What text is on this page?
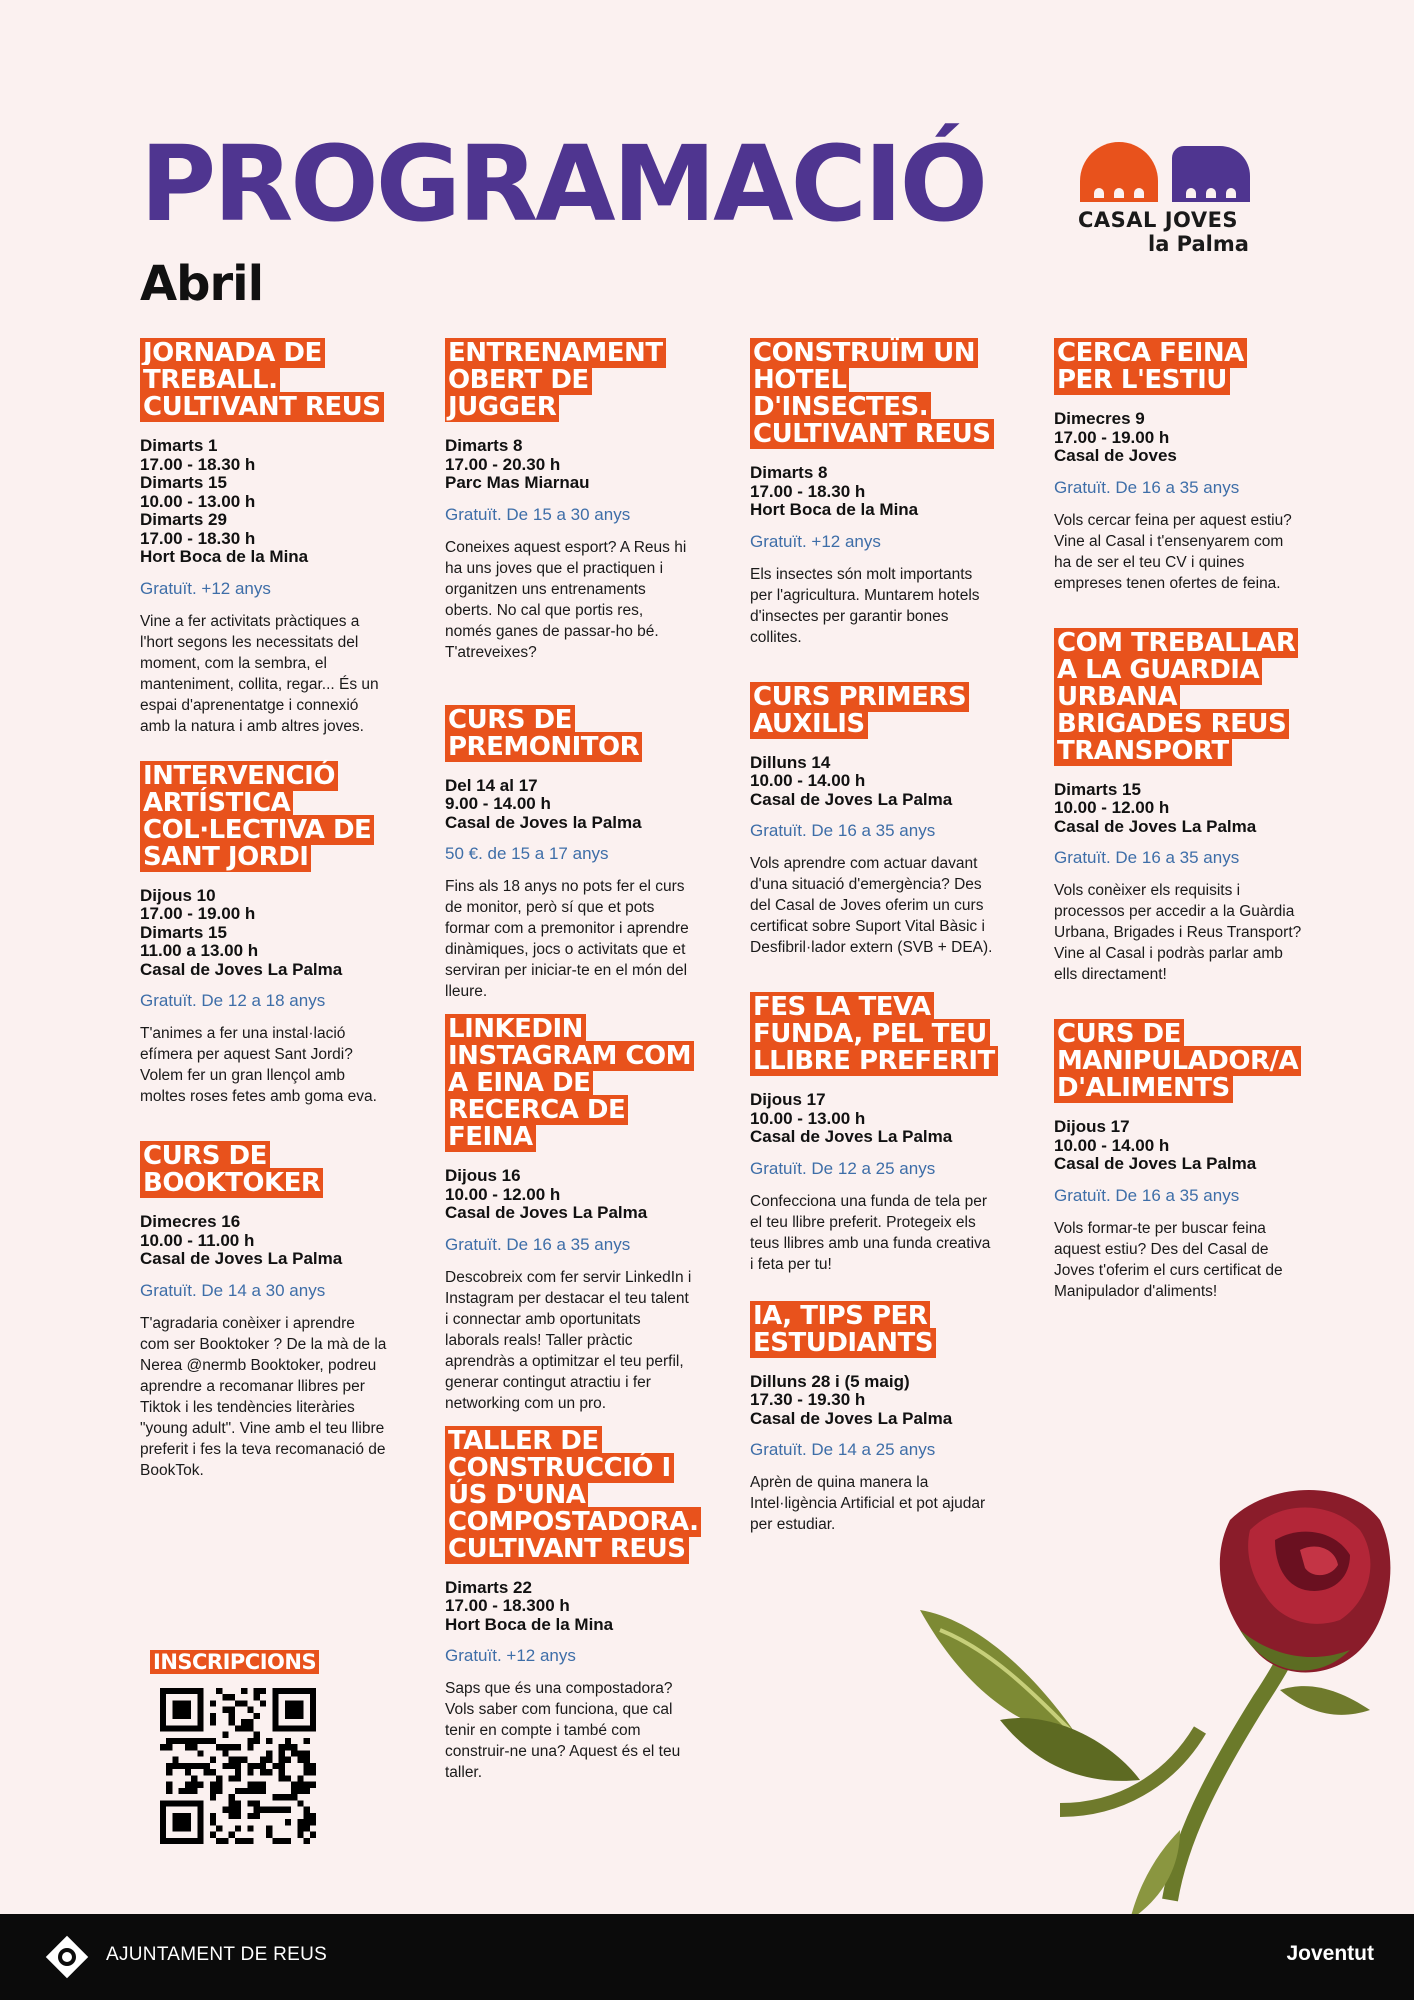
PROGRAMACIÓ
Abril
CASAL JOVES
la Palma
JORNADA DE TREBALL. CULTIVANT REUS

Dimarts 1
17.00 - 18.30 h
Dimarts 15
10.00 - 13.00 h
Dimarts 29
17.00 - 18.30 h
Hort Boca de la Mina

Gratuït. +12 anys

Vine a fer activitats pràctiques a l'hort segons les necessitats del moment, com la sembra, el manteniment, collita, regar... És un espai d'aprenentatge i connexió amb la natura i amb altres joves.

INTERVENCIÓ ARTÍSTICA COL·LECTIVA DE SANT JORDI

Dijous 10
17.00 - 19.00 h
Dimarts 15
11.00 a 13.00 h
Casal de Joves La Palma

Gratuït. De 12 a 18 anys

T'animes a fer una instal·lació efímera per aquest Sant Jordi? Volem fer un gran llençol amb moltes roses fetes amb goma eva.

CURS DE BOOKTOKER

Dimecres 16
10.00 - 11.00 h
Casal de Joves La Palma

Gratuït. De 14 a 30 anys

T'agradaria conèixer i aprendre com ser Booktoker ? De la mà de la Nerea @nermb Booktoker, podreu aprendre a recomanar llibres per Tiktok i les tendències literàries "young adult". Vine amb el teu llibre preferit i fes la teva recomanació de BookTok.

ENTRENAMENT OBERT DE JUGGER

Dimarts 8
17.00 - 20.30 h
Parc Mas Miarnau

Gratuït. De 15 a 30 anys

Coneixes aquest esport? A Reus hi ha uns joves que el practiquen i organitzen uns entrenaments oberts. No cal que portis res, només ganes de passar-ho bé. T'atreveixes?

CURS DE PREMONITOR

Del 14 al 17
9.00 - 14.00 h
Casal de Joves la Palma

50 €. de 15 a 17 anys

Fins als 18 anys no pots fer el curs de monitor, però sí que et pots formar com a premonitor i aprendre dinàmiques, jocs o activitats que et serviran per iniciar-te en el món del lleure.

LINKEDIN INSTAGRAM COM A EINA DE RECERCA DE FEINA

Dijous 16
10.00 - 12.00 h
Casal de Joves La Palma

Gratuït. De 16 a 35 anys

Descobreix com fer servir LinkedIn i Instagram per destacar el teu talent i connectar amb oportunitats laborals reals! Taller pràctic aprendràs a optimitzar el teu perfil, generar contingut atractiu i fer networking com un pro.

TALLER DE CONSTRUCCIÓ I ÚS D'UNA COMPOSTADORA. CULTIVANT REUS

Dimarts 22
17.00 - 18.300 h
Hort Boca de la Mina

Gratuït. +12 anys

Saps que és una compostadora? Vols saber com funciona, que cal tenir en compte i també com construir-ne una? Aquest és el teu taller.

CONSTRUÏM UN HOTEL D'INSECTES. CULTIVANT REUS

Dimarts 8
17.00 - 18.30 h
Hort Boca de la Mina

Gratuït. +12 anys

Els insectes són molt importants per l'agricultura. Muntarem hotels d'insectes per garantir bones collites.

CURS PRIMERS AUXILIS

Dilluns 14
10.00 - 14.00 h
Casal de Joves La Palma

Gratuït. De 16 a 35 anys

Vols aprendre com actuar davant d'una situació d'emergència? Des del Casal de Joves oferim un curs certificat sobre Suport Vital Bàsic i Desfibril·lador extern (SVB + DEA).

FES LA TEVA FUNDA, PEL TEU LLIBRE PREFERIT

Dijous 17
10.00 - 13.00 h
Casal de Joves La Palma

Gratuït. De 12 a 25 anys

Confecciona una funda de tela per el teu llibre preferit. Protegeix els teus llibres amb una funda creativa i feta per tu!

IA, TIPS PER ESTUDIANTS

Dilluns 28 i (5 maig)
17.30 - 19.30 h
Casal de Joves La Palma

Gratuït. De 14 a 25 anys

Aprèn de quina manera la Intel·ligència Artificial et pot ajudar per estudiar.

CERCA FEINA PER L'ESTIU

Dimecres 9
17.00 - 19.00 h
Casal de Joves

Gratuït. De 16 a 35 anys

Vols cercar feina per aquest estiu? Vine al Casal i t'ensenyarem com ha de ser el teu CV i quines empreses tenen ofertes de feina.

COM TREBALLAR A LA GUARDIA URBANA BRIGADES REUS TRANSPORT

Dimarts 15
10.00 - 12.00 h
Casal de Joves La Palma

Gratuït. De 16 a 35 anys

Vols conèixer els requisits i processos per accedir a la Guàrdia Urbana, Brigades i Reus Transport? Vine al Casal i podràs parlar amb ells directament!

CURS DE MANIPULADOR/A D'ALIMENTS

Dijous 17
10.00 - 14.00 h
Casal de Joves La Palma

Gratuït. De 16 a 35 anys

Vols formar-te per buscar feina aquest estiu? Des del Casal de Joves t'oferim el curs certificat de Manipulador d'aliments!

INSCRIPCIONS
AJUNTAMENT DE REUS	Joventut
